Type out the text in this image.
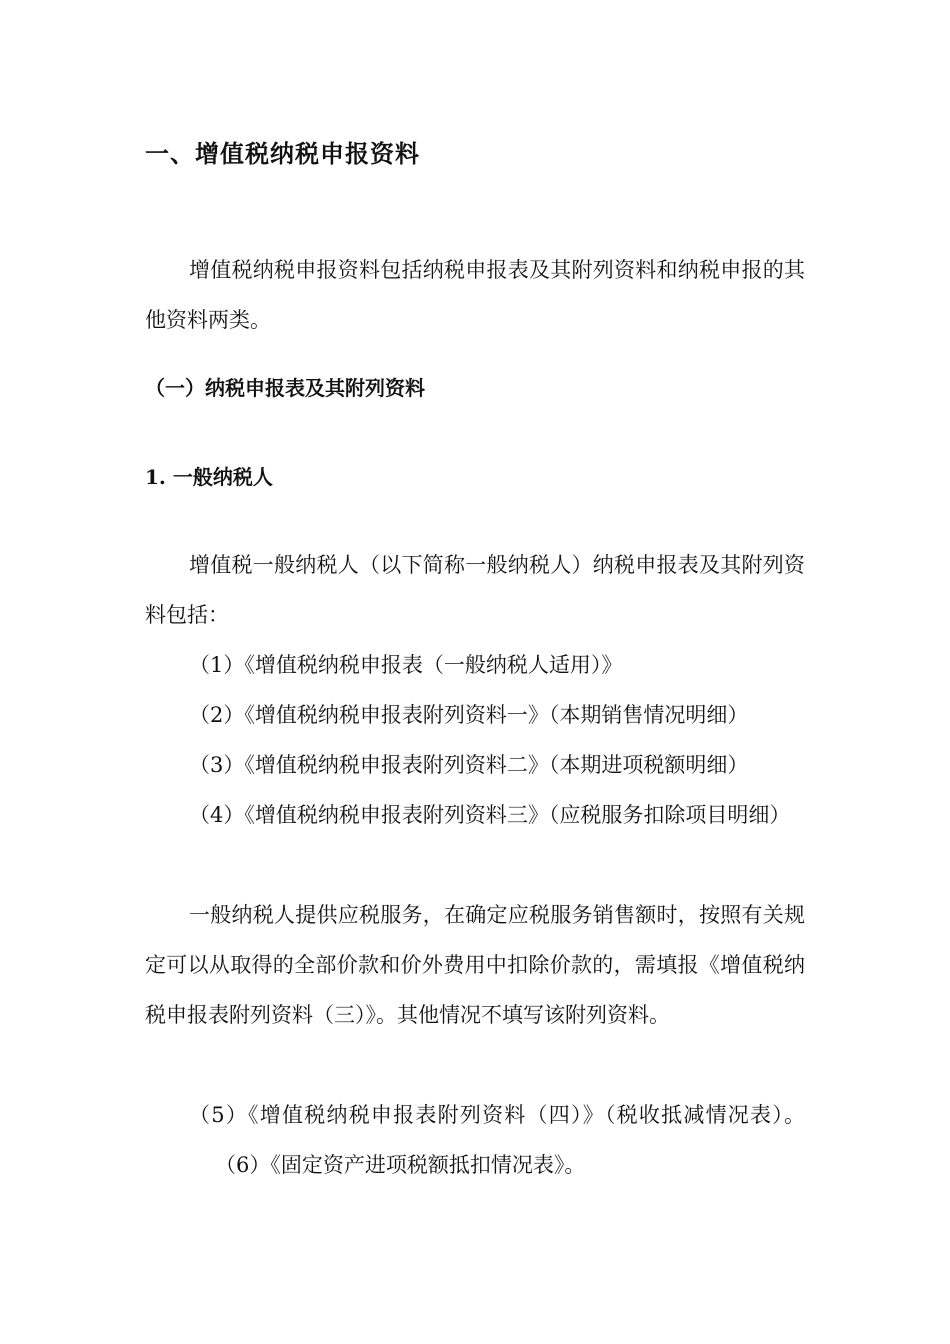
一、增值税纳税申报资料

增值税纳税申报资料包括纳税申报表及其附列资料和纳税申报的其他资料两类。

（一）纳税申报表及其附列资料
1. 一般纳税人

增值税一般纳税人（以下简称一般纳税人）纳税申报表及其附列资料包括：

（1）《增值税纳税申报表（一般纳税人适用）》

（2）《增值税纳税申报表附列资料一》（本期销售情况明细）

（3）《增值税纳税申报表附列资料二》（本期进项税额明细）

（4）《增值税纳税申报表附列资料三》（应税服务扣除项目明细）

一般纳税人提供应税服务，在确定应税服务销售额时，按照有关规定可以从取得的全部价款和价外费用中扣除价款的，需填报《增值税纳税申报表附列资料（三）》。其他情况不填写该附列资料。

（5）《增值税纳税申报表附列资料（四）》（税收抵减情况表）。（6）《固定资产进项税额抵扣情况表》。
